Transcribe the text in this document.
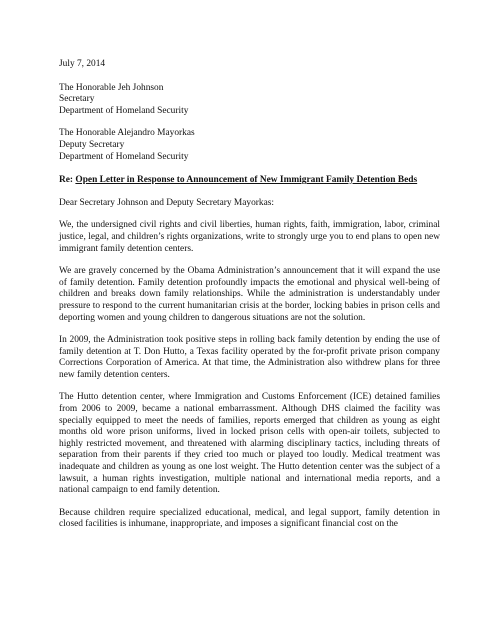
July 7, 2014

The Honorable Jeh Johnson

Secretary

Department of Homeland Security

The Honorable Alejandro Mayorkas

Deputy Secretary

Department of Homeland Security

Re: Open Letter in Response to Announcement of New Immigrant Family Detention Beds

Dear Secretary Johnson and Deputy Secretary Mayorkas:

We, the undersigned civil rights and civil liberties, human rights, faith, immigration, labor, criminal justice, legal, and children’s rights organizations, write to strongly urge you to end plans to open new immigrant family detention centers.

We are gravely concerned by the Obama Administration’s announcement that it will expand the use of family detention. Family detention profoundly impacts the emotional and physical well-being of children and breaks down family relationships. While the administration is understandably under pressure to respond to the current humanitarian crisis at the border, locking babies in prison cells and deporting women and young children to dangerous situations are not the solution.

In 2009, the Administration took positive steps in rolling back family detention by ending the use of family detention at T. Don Hutto, a Texas facility operated by the for-profit private prison company Corrections Corporation of America. At that time, the Administration also withdrew plans for three new family detention centers.

The Hutto detention center, where Immigration and Customs Enforcement (ICE) detained families from 2006 to 2009, became a national embarrassment. Although DHS claimed the facility was specially equipped to meet the needs of families, reports emerged that children as young as eight months old wore prison uniforms, lived in locked prison cells with open-air toilets, subjected to highly restricted movement, and threatened with alarming disciplinary tactics, including threats of separation from their parents if they cried too much or played too loudly. Medical treatment was inadequate and children as young as one lost weight. The Hutto detention center was the subject of a lawsuit, a human rights investigation, multiple national and international media reports, and a national campaign to end family detention.

Because children require specialized educational, medical, and legal support, family detention in closed facilities is inhumane, inappropriate, and imposes a significant financial cost on the
